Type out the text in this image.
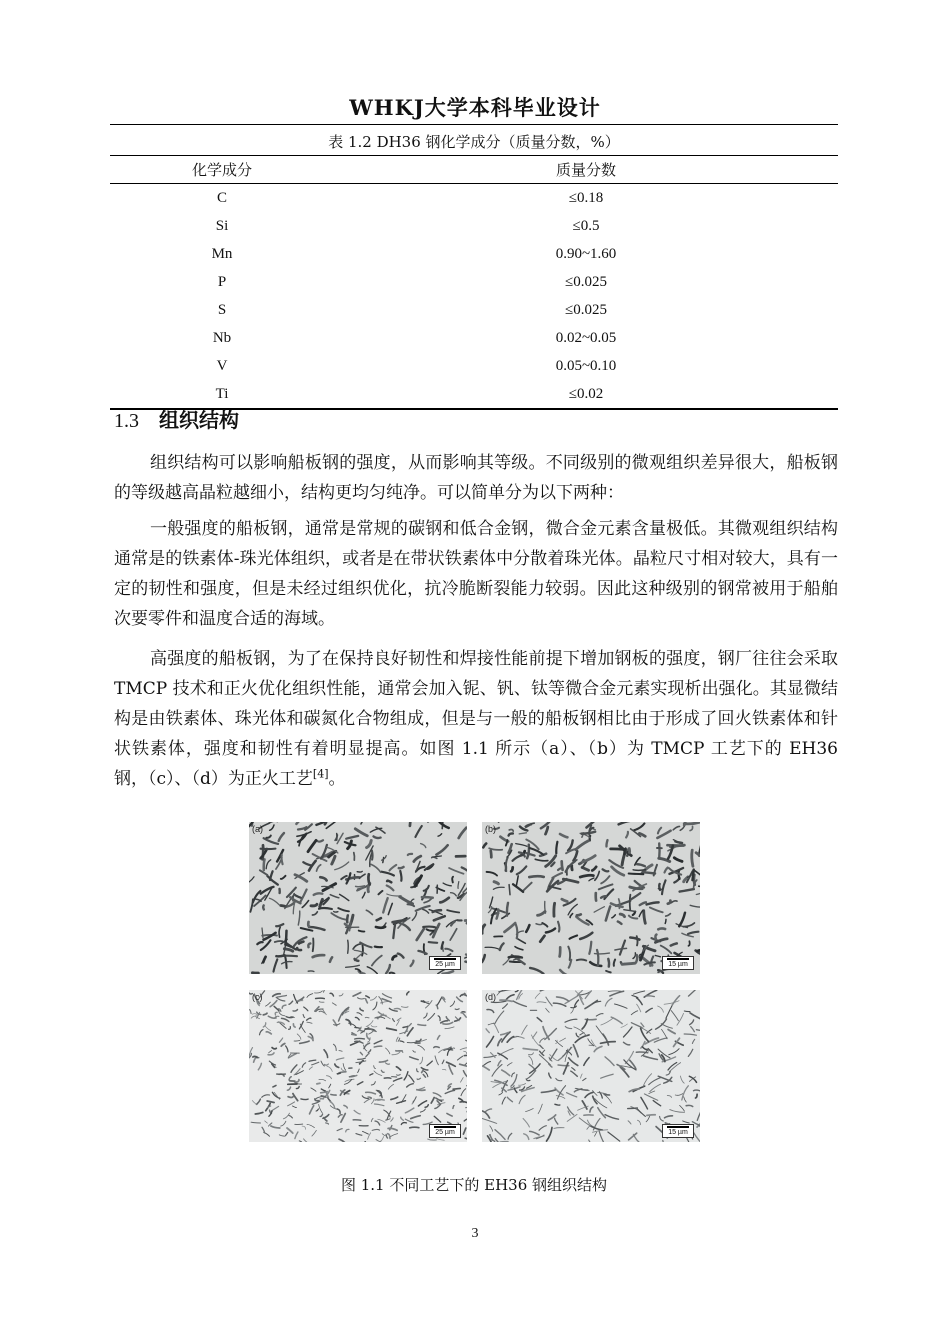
WHKJ大学本科毕业设计
表 1.2 DH36 钢化学成分（质量分数，%）
化学成分	质量分数
C	≤0.18
Si	≤0.5
Mn	0.90~1.60
P	≤0.025
S	≤0.025
Nb	0.02~0.05
V	0.05~0.10
Ti	≤0.02
1.3 组织结构

组织结构可以影响船板钢的强度，从而影响其等级。不同级别的微观组织差异很大，船板钢的等级越高晶粒越细小，结构更均匀纯净。可以简单分为以下两种：

一般强度的船板钢，通常是常规的碳钢和低合金钢，微合金元素含量极低。其微观组织结构通常是的铁素体-珠光体组织，或者是在带状铁素体中分散着珠光体。晶粒尺寸相对较大，具有一定的韧性和强度，但是未经过组织优化，抗冷脆断裂能力较弱。因此这种级别的钢常被用于船舶次要零件和温度合适的海域。

高强度的船板钢，为了在保持良好韧性和焊接性能前提下增加钢板的强度，钢厂往往会采取 TMCP 技术和正火优化组织性能，通常会加入铌、钒、钛等微合金元素实现析出强化。其显微结构是由铁素体、珠光体和碳氮化合物组成，但是与一般的船板钢相比由于形成了回火铁素体和针状铁素体，强度和韧性有着明显提高。如图 1.1 所示（a）、（b）为 TMCP 工艺下的 EH36 钢，（c）、（d）为正火工艺[4]。

(a)
25 µm
(b)
15 µm
(c)
25 µm
(d)
15 µm
图 1.1 不同工艺下的 EH36 钢组织结构
3
